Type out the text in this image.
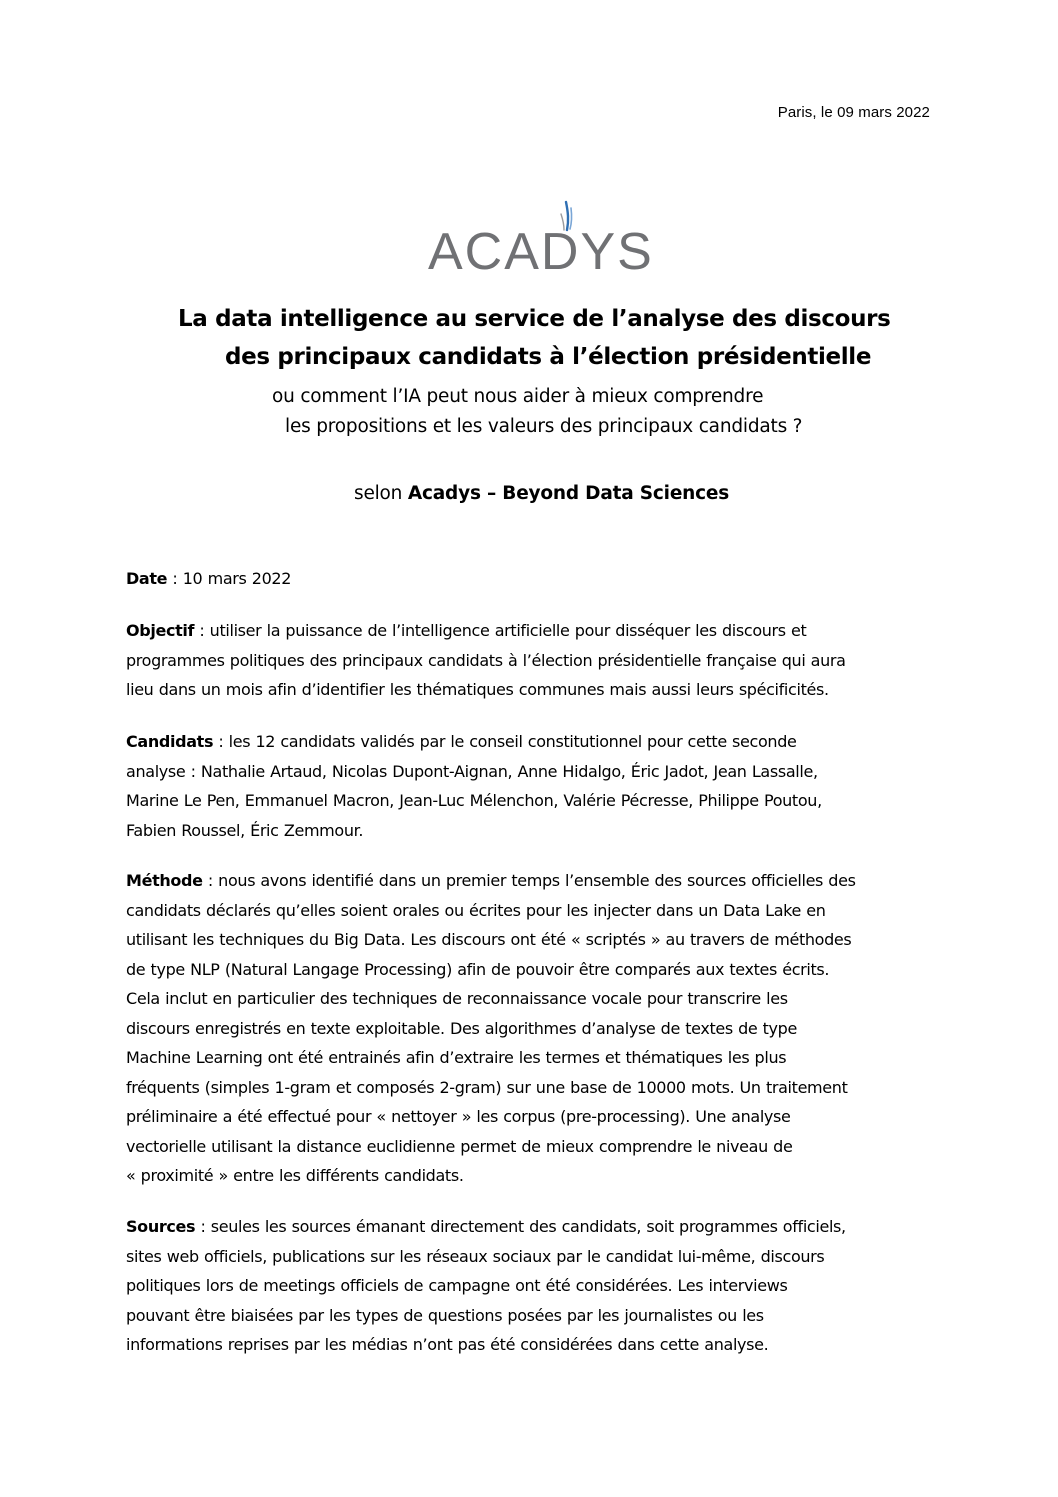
Paris, le 09 mars 2022
ACADYS
La data intelligence au service de l’analyse des discours
des principaux candidats à l’élection présidentielle
ou comment l’IA peut nous aider à mieux comprendre
les propositions et les valeurs des principaux candidats ?
selon Acadys – Beyond Data Sciences

Date : 10 mars 2022

Objectif : utiliser la puissance de l’intelligence artificielle pour disséquer les discours et
programmes politiques des principaux candidats à l’élection présidentielle française qui aura
lieu dans un mois afin d’identifier les thématiques communes mais aussi leurs spécificités.

Candidats : les 12 candidats validés par le conseil constitutionnel pour cette seconde
analyse : Nathalie Artaud, Nicolas Dupont-Aignan, Anne Hidalgo, Éric Jadot, Jean Lassalle,
Marine Le Pen, Emmanuel Macron, Jean-Luc Mélenchon, Valérie Pécresse, Philippe Poutou,
Fabien Roussel, Éric Zemmour.

Méthode : nous avons identifié dans un premier temps l’ensemble des sources officielles des
candidats déclarés qu’elles soient orales ou écrites pour les injecter dans un Data Lake en
utilisant les techniques du Big Data. Les discours ont été « scriptés » au travers de méthodes
de type NLP (Natural Langage Processing) afin de pouvoir être comparés aux textes écrits.
Cela inclut en particulier des techniques de reconnaissance vocale pour transcrire les
discours enregistrés en texte exploitable. Des algorithmes d’analyse de textes de type
Machine Learning ont été entrainés afin d’extraire les termes et thématiques les plus
fréquents (simples 1-gram et composés 2-gram) sur une base de 10000 mots. Un traitement
préliminaire a été effectué pour « nettoyer » les corpus (pre-processing). Une analyse
vectorielle utilisant la distance euclidienne permet de mieux comprendre le niveau de
« proximité » entre les différents candidats.

Sources : seules les sources émanant directement des candidats, soit programmes officiels,
sites web officiels, publications sur les réseaux sociaux par le candidat lui-même, discours
politiques lors de meetings officiels de campagne ont été considérées. Les interviews
pouvant être biaisées par les types de questions posées par les journalistes ou les
informations reprises par les médias n’ont pas été considérées dans cette analyse.
